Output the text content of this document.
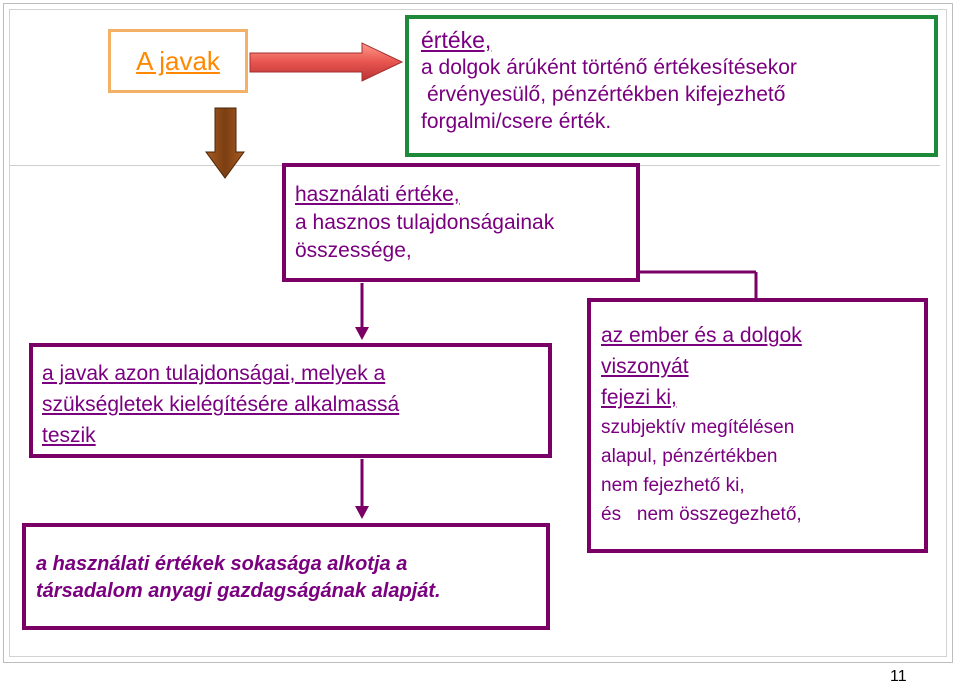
A javak
értéke,
a dolgok árúként történő értékesítésekor
érvényesülő, pénzértékben kifejezhető
forgalmi/csere érték.
használati értéke,
a hasznos tulajdonságainak
összessége,
a javak azon tulajdonságai, melyek a
szükségletek kielégítésére alkalmassá
teszik
az ember és a dolgok
viszonyát
fejezi ki,
szubjektív megítélésen
alapul, pénzértékben
nem fejezhető ki,
és   nem összegezhető,
a használati értékek sokasága alkotja a
társadalom anyagi gazdagságának alapját.
11
